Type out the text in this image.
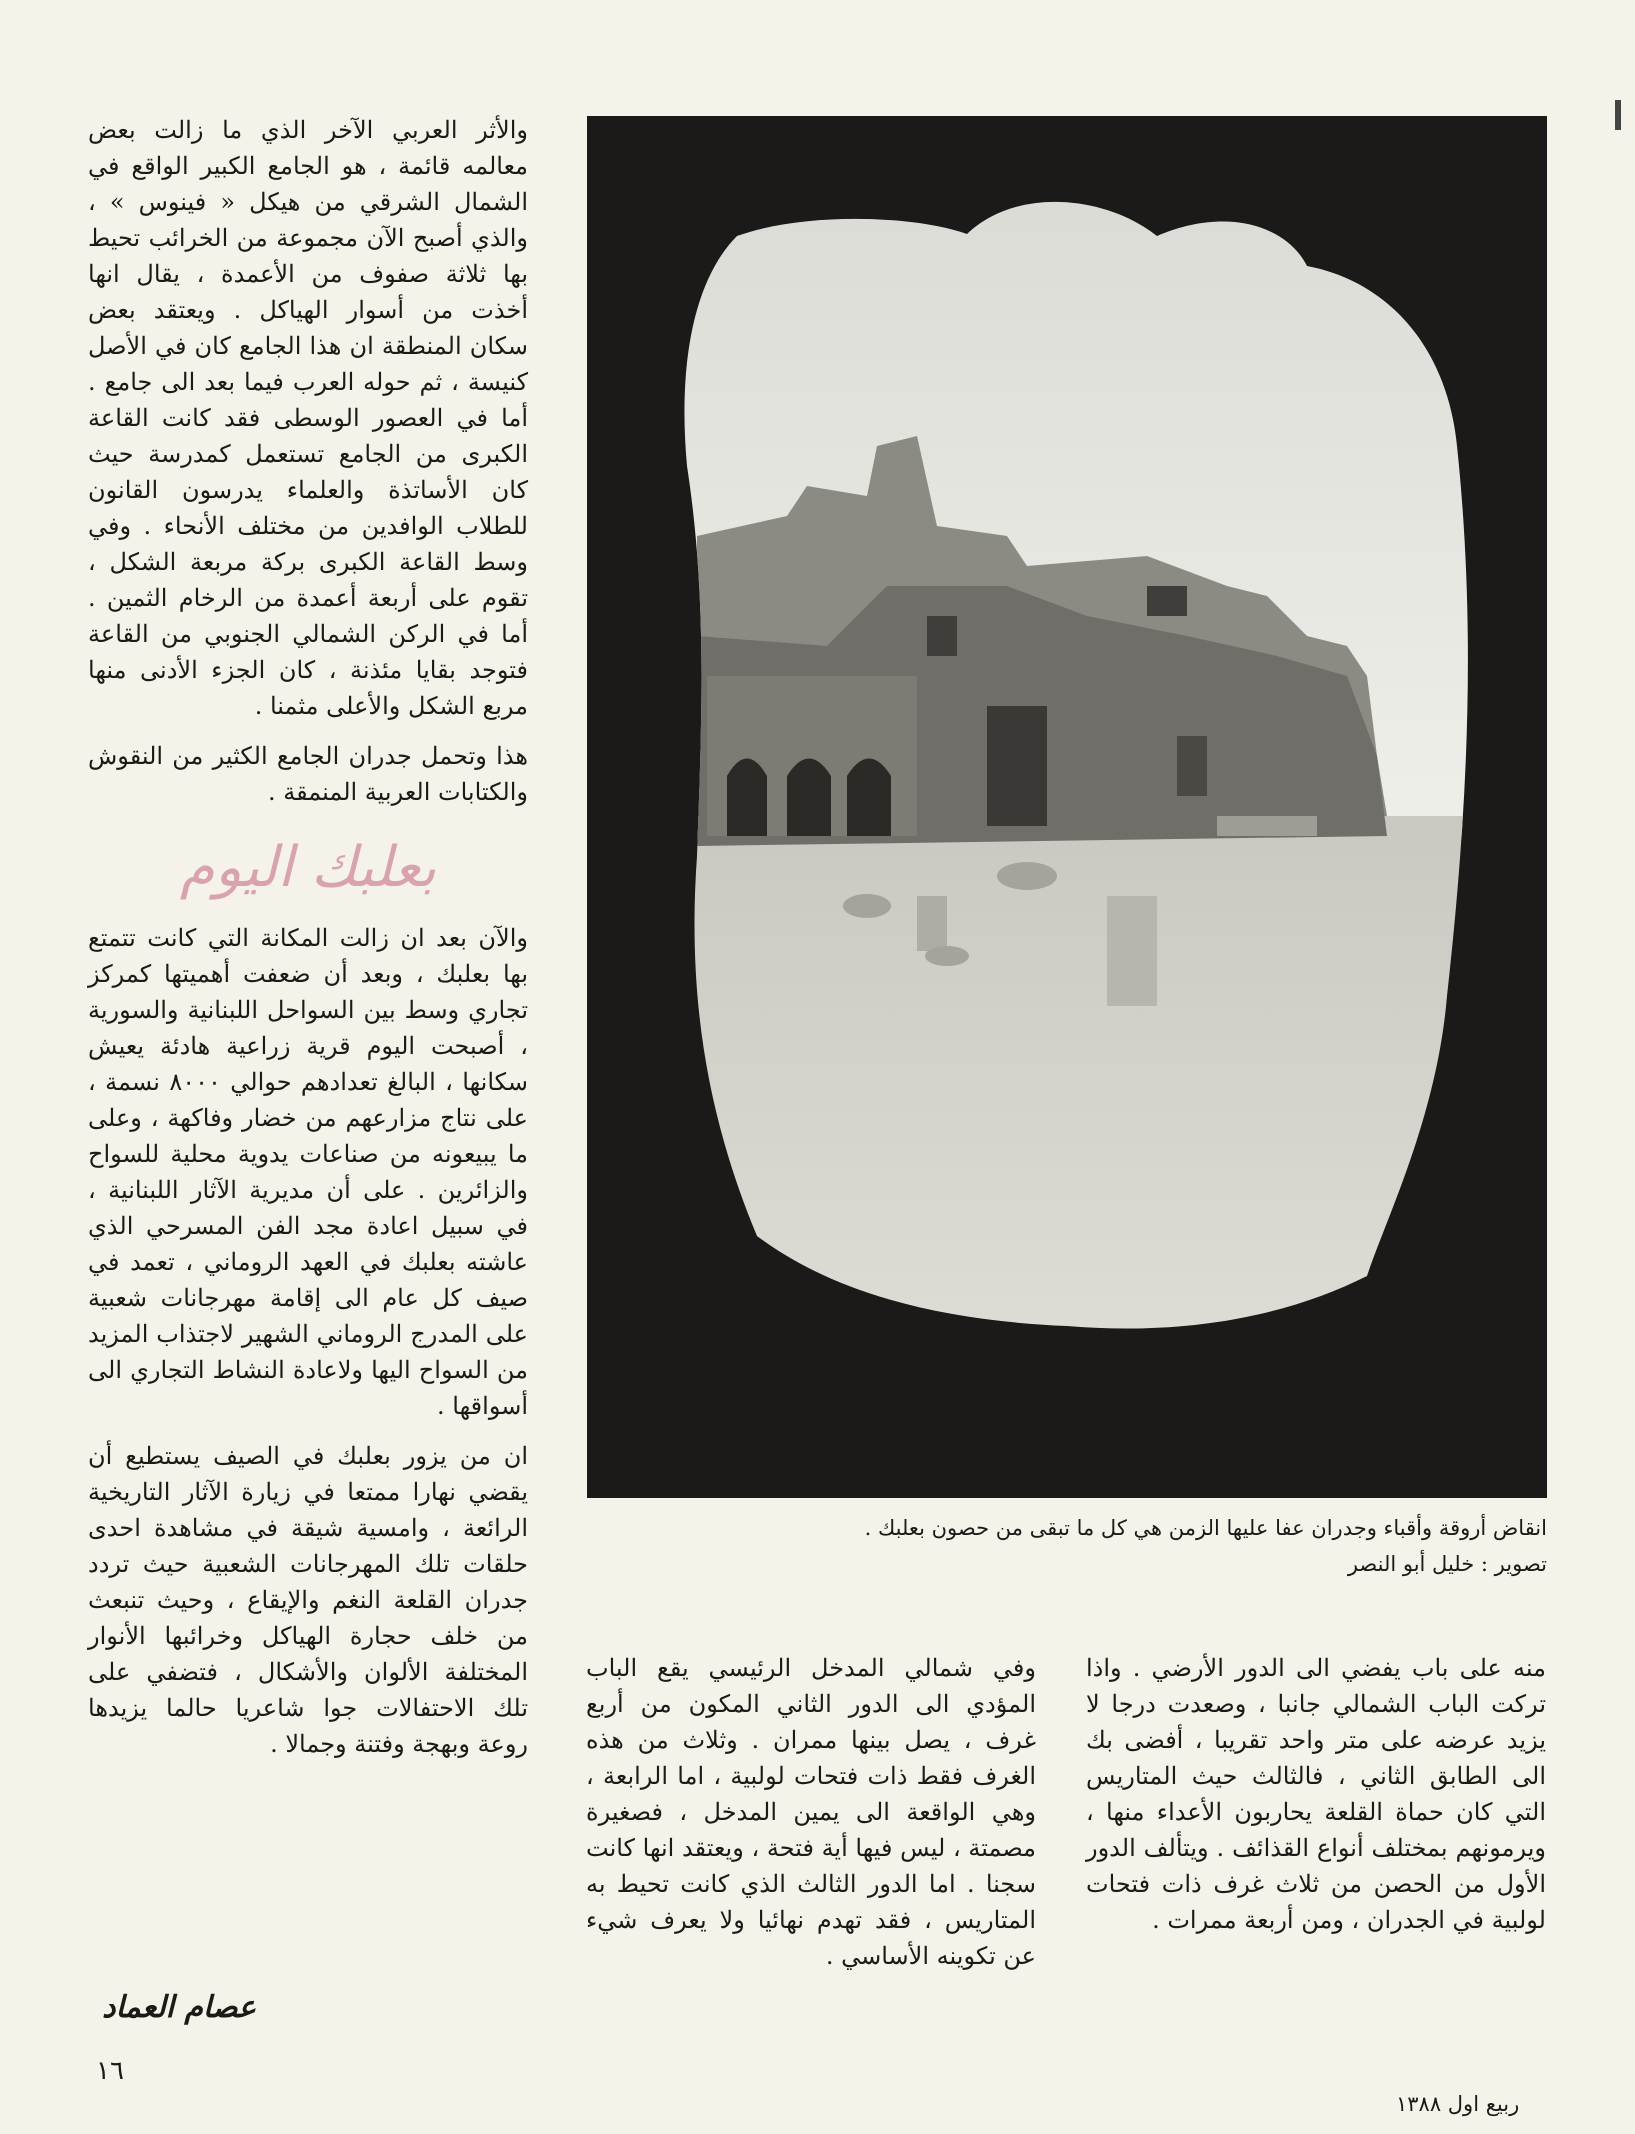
والأثر العربي الآخر الذي ما زالت بعض معالمه قائمة ، هو الجامع الكبير الواقع في الشمال الشرقي من هيكل « فينوس » ، والذي أصبح الآن مجموعة من الخرائب تحيط بها ثلاثة صفوف من الأعمدة ، يقال انها أخذت من أسوار الهياكل . ويعتقد بعض سكان المنطقة ان هذا الجامع كان في الأصل كنيسة ، ثم حوله العرب فيما بعد الى جامع . أما في العصور الوسطى فقد كانت القاعة الكبرى من الجامع تستعمل كمدرسة حيث كان الأساتذة والعلماء يدرسون القانون للطلاب الوافدين من مختلف الأنحاء . وفي وسط القاعة الكبرى بركة مربعة الشكل ، تقوم على أربعة أعمدة من الرخام الثمين . أما في الركن الشمالي الجنوبي من القاعة فتوجد بقايا مئذنة ، كان الجزء الأدنى منها مربع الشكل والأعلى مثمنا .

هذا وتحمل جدران الجامع الكثير من النقوش والكتابات العربية المنمقة .

بعلبك اليوم

والآن بعد ان زالت المكانة التي كانت تتمتع بها بعلبك ، وبعد أن ضعفت أهميتها كمركز تجاري وسط بين السواحل اللبنانية والسورية ، أصبحت اليوم قرية زراعية هادئة يعيش سكانها ، البالغ تعدادهم حوالي ٨٠٠٠ نسمة ، على نتاج مزارعهم من خضار وفاكهة ، وعلى ما يبيعونه من صناعات يدوية محلية للسواح والزائرين . على أن مديرية الآثار اللبنانية ، في سبيل اعادة مجد الفن المسرحي الذي عاشته بعلبك في العهد الروماني ، تعمد في صيف كل عام الى إقامة مهرجانات شعبية على المدرج الروماني الشهير لاجتذاب المزيد من السواح اليها ولاعادة النشاط التجاري الى أسواقها .

ان من يزور بعلبك في الصيف يستطيع أن يقضي نهارا ممتعا في زيارة الآثار التاريخية الرائعة ، وامسية شيقة في مشاهدة احدى حلقات تلك المهرجانات الشعبية حيث تردد جدران القلعة النغم والإيقاع ، وحيث تنبعث من خلف حجارة الهياكل وخرائبها الأنوار المختلفة الألوان والأشكال ، فتضفي على تلك الاحتفالات جوا شاعريا حالما يزيدها روعة وبهجة وفتنة وجمالا .

عصام العماد
انقاض أروقة وأقباء وجدران عفا عليها الزمن هي كل ما تبقى من حصون بعلبك .
تصوير : خليل أبو النصر

منه على باب يفضي الى الدور الأرضي . واذا تركت الباب الشمالي جانبا ، وصعدت درجا لا يزيد عرضه على متر واحد تقريبا ، أفضى بك الى الطابق الثاني ، فالثالث حيث المتاريس التي كان حماة القلعة يحاربون الأعداء منها ، ويرمونهم بمختلف أنواع القذائف . ويتألف الدور الأول من الحصن من ثلاث غرف ذات فتحات لولبية في الجدران ، ومن أربعة ممرات .

وفي شمالي المدخل الرئيسي يقع الباب المؤدي الى الدور الثاني المكون من أربع غرف ، يصل بينها ممران . وثلاث من هذه الغرف فقط ذات فتحات لولبية ، اما الرابعة ، وهي الواقعة الى يمين المدخل ، فصغيرة مصمتة ، ليس فيها أية فتحة ، ويعتقد انها كانت سجنا . اما الدور الثالث الذي كانت تحيط به المتاريس ، فقد تهدم نهائيا ولا يعرف شيء عن تكوينه الأساسي .

١٦
ربيع اول ١٣٨٨
